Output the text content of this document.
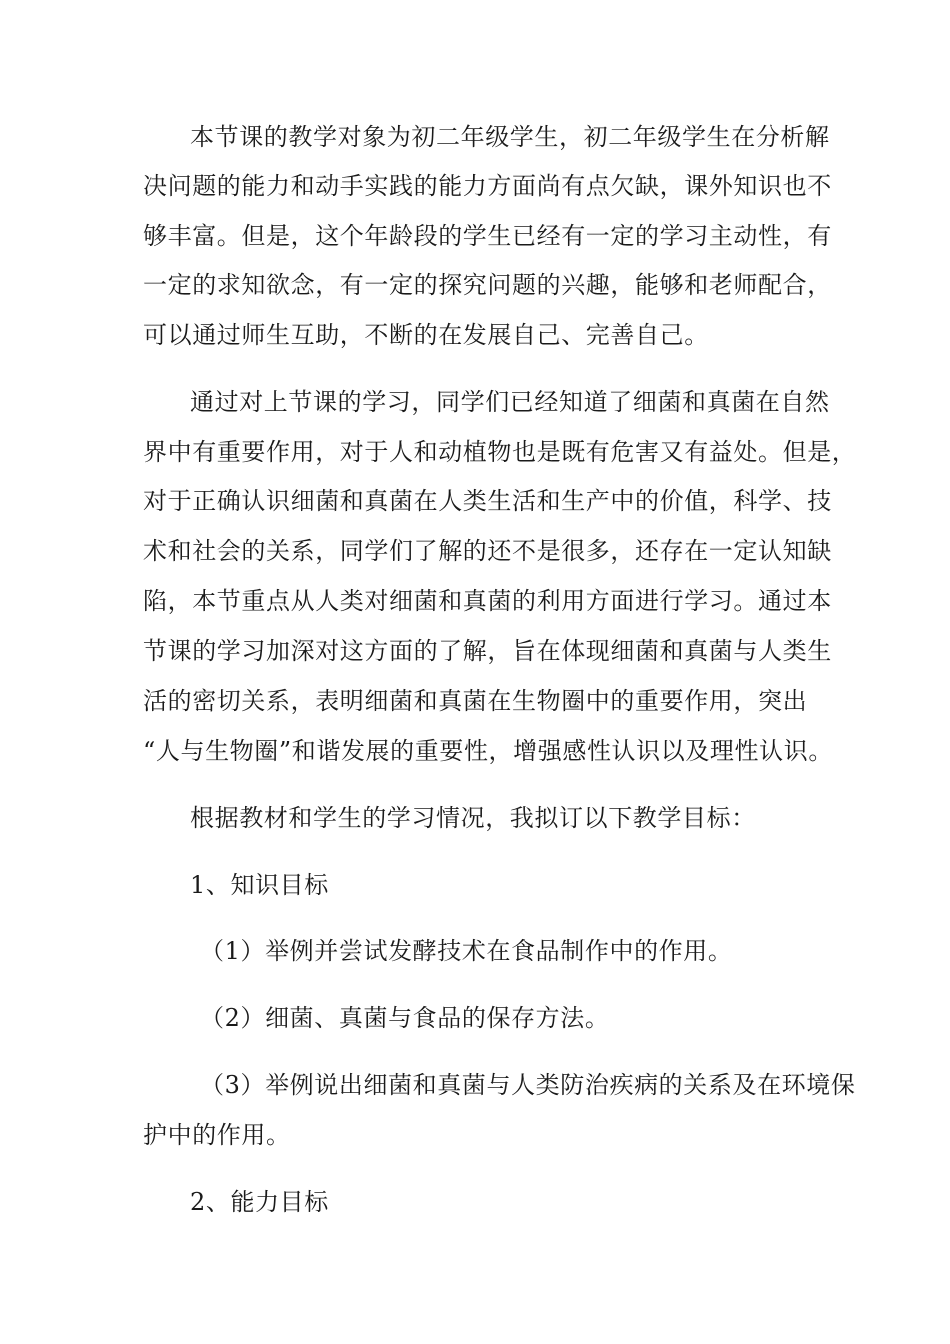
本节课的教学对象为初二年级学生，初二年级学生在分析解
决问题的能力和动手实践的能力方面尚有点欠缺，课外知识也不
够丰富。但是，这个年龄段的学生已经有一定的学习主动性，有
一定的求知欲念，有一定的探究问题的兴趣，能够和老师配合，
可以通过师生互助，不断的在发展自己、完善自己。
通过对上节课的学习，同学们已经知道了细菌和真菌在自然
界中有重要作用，对于人和动植物也是既有危害又有益处。但是，
对于正确认识细菌和真菌在人类生活和生产中的价值，科学、技
术和社会的关系，同学们了解的还不是很多，还存在一定认知缺
陷，本节重点从人类对细菌和真菌的利用方面进行学习。通过本
节课的学习加深对这方面的了解，旨在体现细菌和真菌与人类生
活的密切关系，表明细菌和真菌在生物圈中的重要作用，突出
“人与生物圈”和谐发展的重要性，增强感性认识以及理性认识。
根据教材和学生的学习情况，我拟订以下教学目标：
1、知识目标
（1）举例并尝试发酵技术在食品制作中的作用。
（2）细菌、真菌与食品的保存方法。
（3）举例说出细菌和真菌与人类防治疾病的关系及在环境保
护中的作用。
2、能力目标
